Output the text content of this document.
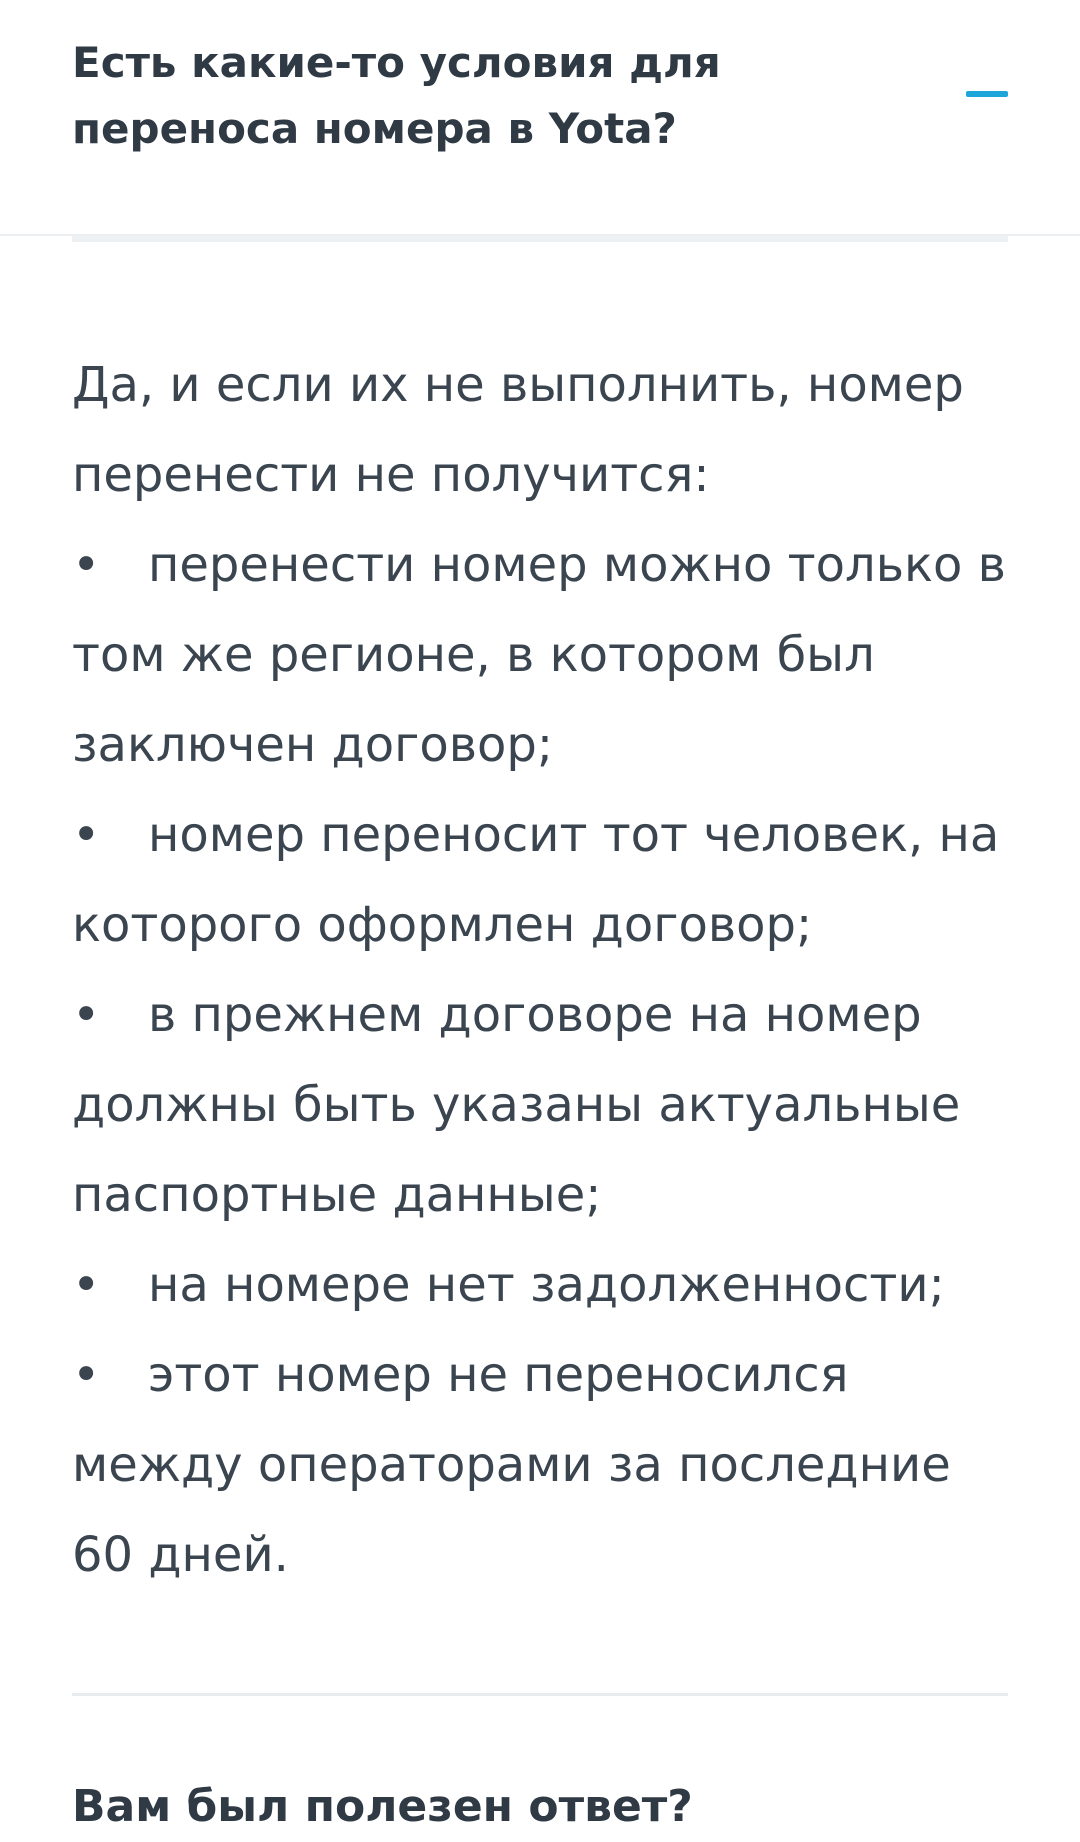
Есть какие-то условия для переноса номера в Yota?

Да, и если их не выполнить, номер перенести не получится:

• перенести номер можно только в том же регионе, в котором был заключен договор;
• номер переносит тот человек, на которого оформлен договор;
• в прежнем договоре на номер должны быть указаны актуальные паспортные данные;
• на номере нет задолженности;
• этот номер не переносился между операторами за последние 60 дней.
Вам был полезен ответ?
